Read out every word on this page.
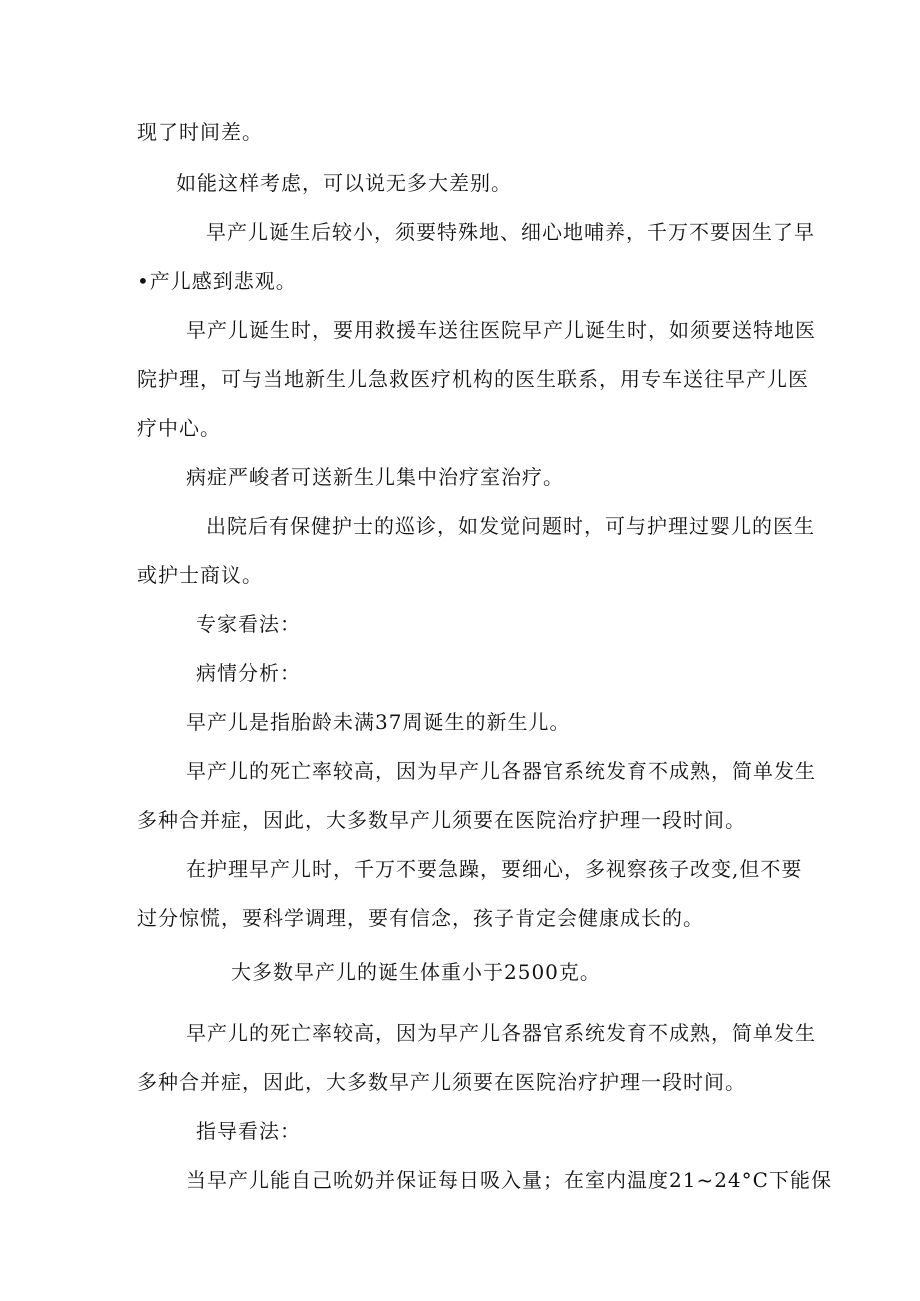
现了时间差。

如能这样考虑，可以说无多大差别。

早产儿诞生后较小，须要特殊地、细心地哺养，千万不要因生了早

•产儿感到悲观。

早产儿诞生时，要用救援车送往医院早产儿诞生时，如须要送特地医

院护理，可与当地新生儿急救医疗机构的医生联系，用专车送往早产儿医

疗中心。

病症严峻者可送新生儿集中治疗室治疗。

出院后有保健护士的巡诊，如发觉问题时，可与护理过婴儿的医生

或护士商议。

专家看法：

病情分析：

早产儿是指胎龄未满37周诞生的新生儿。

早产儿的死亡率较高，因为早产儿各器官系统发育不成熟，简单发生

多种合并症，因此，大多数早产儿须要在医院治疗护理一段时间。

在护理早产儿时，千万不要急躁，要细心，多视察孩子改变,但不要

过分惊慌，要科学调理，要有信念，孩子肯定会健康成长的。

大多数早产儿的诞生体重小于2500克。

早产儿的死亡率较高，因为早产儿各器官系统发育不成熟，简单发生

多种合并症，因此，大多数早产儿须要在医院治疗护理一段时间。

指导看法：

当早产儿能自己吮奶并保证每日吸入量；在室内温度21~24°C下能保
